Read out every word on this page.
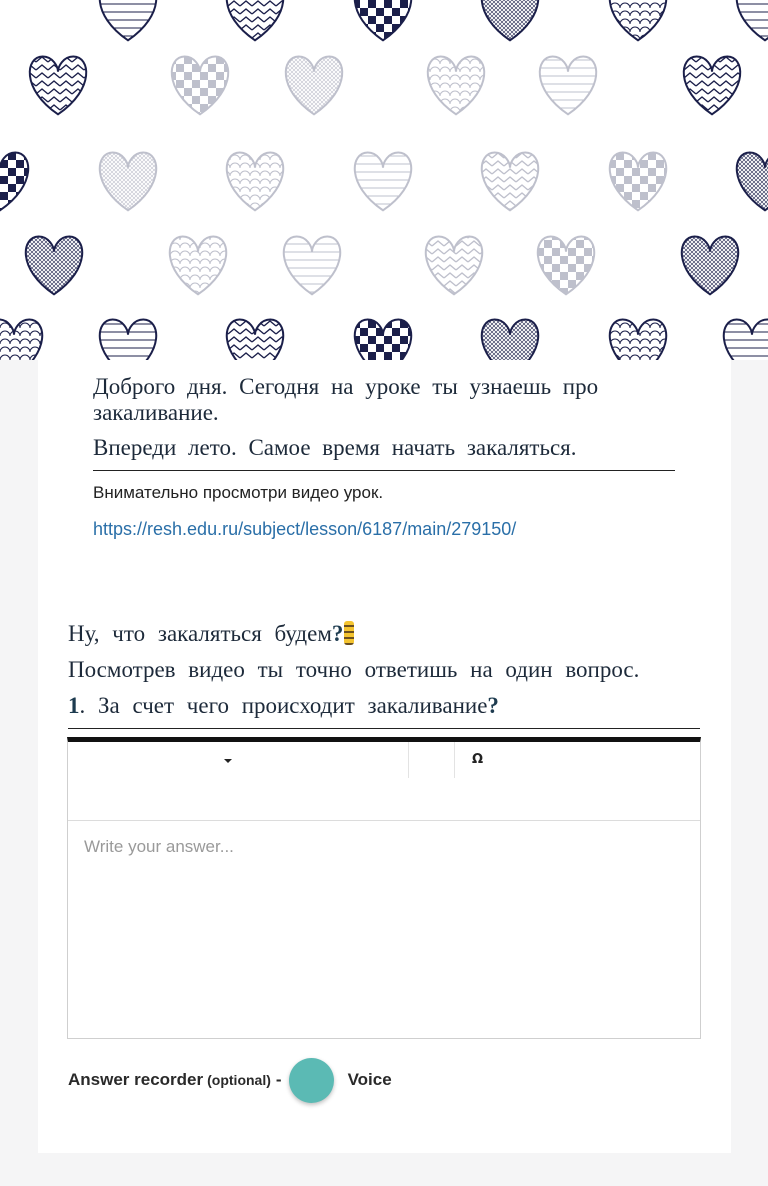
Доброго дня. Сегодня на уроке ты узнаешь про закаливание.
Впереди лето. Самое время начать закаляться.
Внимательно просмотри видео урок.
https://resh.edu.ru/subject/lesson/6187/main/279150/
Ну, что закаляться будем?
Посмотрев видео ты точно ответишь на один вопрос.
1. За счет чего происходит закаливание?
Ω
Write your answer...
Answer recorder (optional) -	Voice
